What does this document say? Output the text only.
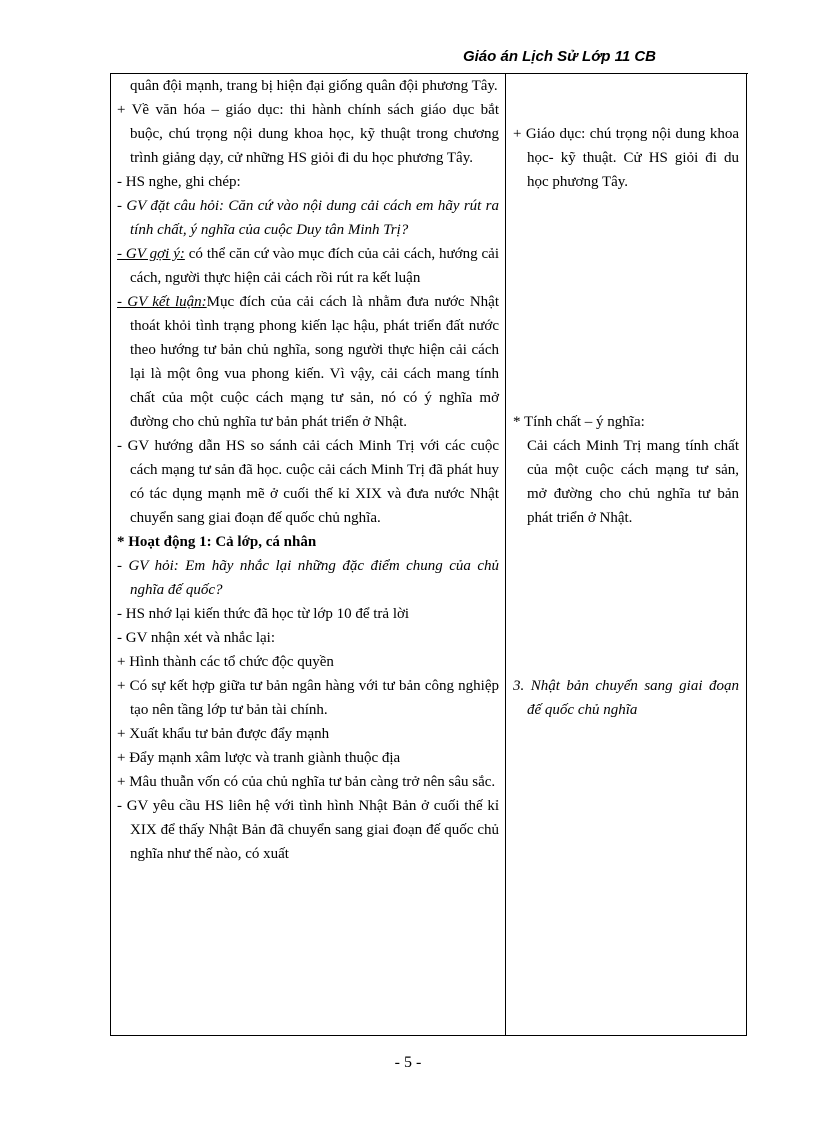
Giáo án Lịch Sử Lớp 11 CB

quân đội mạnh, trang bị hiện đại giống quân đội phương Tây.

+ Về văn hóa – giáo dục: thi hành chính sách giáo dục bắt buộc, chú trọng nội dung khoa học, kỹ thuật trong chương trình giảng dạy, cử những HS giỏi đi du học phương Tây.

- HS nghe, ghi chép:

- GV đặt câu hỏi: Căn cứ vào nội dung cải cách em hãy rút ra tính chất, ý nghĩa của cuộc Duy tân Minh Trị?

- GV gợi ý: có thể căn cứ vào mục đích của cải cách, hướng cải cách, người thực hiện cải cách rồi rút ra kết luận

- GV kết luận:Mục đích của cải cách là nhằm đưa nước Nhật thoát khỏi tình trạng phong kiến lạc hậu, phát triển đất nước theo hướng tư bản chủ nghĩa, song người thực hiện cải cách lại là một ông vua phong kiến. Vì vậy, cải cách mang tính chất của một cuộc cách mạng tư sản, nó có ý nghĩa mở đường cho chủ nghĩa tư bản phát triển ở Nhật.

- GV hướng dẫn HS so sánh cải cách Minh Trị với các cuộc cách mạng tư sản đã học. cuộc cải cách Minh Trị đã phát huy có tác dụng mạnh mẽ ở cuối thế kỉ XIX và đưa nước Nhật chuyển sang giai đoạn đế quốc chủ nghĩa.

* Hoạt động 1: Cả lớp, cá nhân

- GV hỏi: Em hãy nhắc lại những đặc điểm chung của chủ nghĩa đế quốc?

- HS nhớ lại kiến thức đã học từ lớp 10 để trả lời

- GV nhận xét và nhắc lại:

+ Hình thành các tổ chức độc quyền

+ Có sự kết hợp giữa tư bản ngân hàng với tư bản công nghiệp tạo nên tầng lớp tư bản tài chính.

+ Xuất khẩu tư bản được đẩy mạnh

+ Đẩy mạnh xâm lược và tranh giành thuộc địa

+ Mâu thuẫn vốn có của chủ nghĩa tư bản càng trở nên sâu sắc.

- GV yêu cầu HS liên hệ với tình hình Nhật Bản ở cuối thế kỉ XIX để thấy Nhật Bản đã chuyển sang giai đoạn đế quốc chủ nghĩa như thế nào, có xuất

+ Giáo dục: chú trọng nội dung khoa học- kỹ thuật. Cử HS giỏi đi du học phương Tây.

* Tính chất – ý nghĩa:

Cải cách Minh Trị mang tính chất của một cuộc cách mạng tư sản, mở đường cho chủ nghĩa tư bản phát triển ở Nhật.

3. Nhật bản chuyển sang giai đoạn đế quốc chủ nghĩa

- 5 -
